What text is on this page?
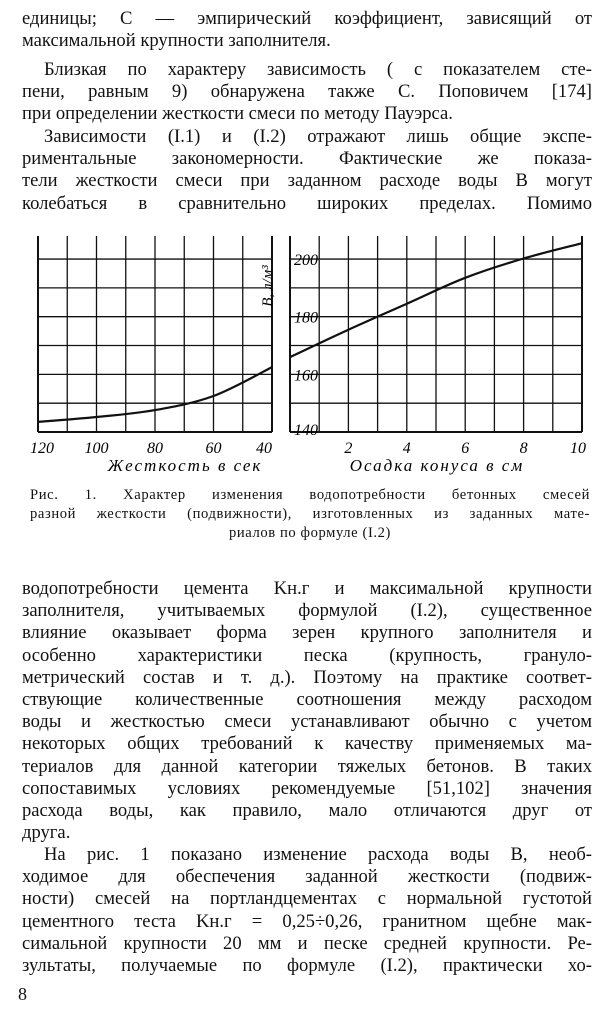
единицы; C — эмпирический коэффициент, зависящий от
максимальной крупности заполнителя.
Близкая по характеру зависимость ( с показателем сте-
пени, равным 9) обнаружена также С. Поповичем [174]
при определении жесткости смеси по методу Пауэрса.
Зависимости (I.1) и (I.2) отражают лишь общие экспе-
риментальные закономерности. Фактические же показа-
тели жесткости смеси при заданном расходе воды B могут
колебаться в сравнительно широких пределах. Помимо
120 100 80	60 40	2	4	6	8	10
140
160
180
200
B, л/м³
Жесткость в сек	Осадка конуса в см
Рис. 1. Характер изменения водопотребности бетонных смесей
разной жесткости (подвижности), изготовленных из заданных мате-
риалов по формуле (I.2)
водопотребности цемента Kн.г и максимальной крупности
заполнителя, учитываемых формулой (I.2), существенное
влияние оказывает форма зерен крупного заполнителя и
особенно характеристики песка (крупность, грануло-
метрический состав и т. д.). Поэтому на практике соответ-
ствующие количественные соотношения между расходом
воды и жесткостью смеси устанавливают обычно с учетом
некоторых общих требований к качеству применяемых ма-
териалов для данной категории тяжелых бетонов. В таких
сопоставимых условиях рекомендуемые [51,102] значения
расхода воды, как правило, мало отличаются друг от
друга.
На рис. 1 показано изменение расхода воды B, необ-
ходимое для обеспечения заданной жесткости (подвиж-
ности) смесей на портландцементах с нормальной густотой
цементного теста Kн.г = 0,25÷0,26, гранитном щебне мак-
симальной крупности 20 мм и песке средней крупности. Ре-
зультаты, получаемые по формуле (I.2), практически хо-
8
